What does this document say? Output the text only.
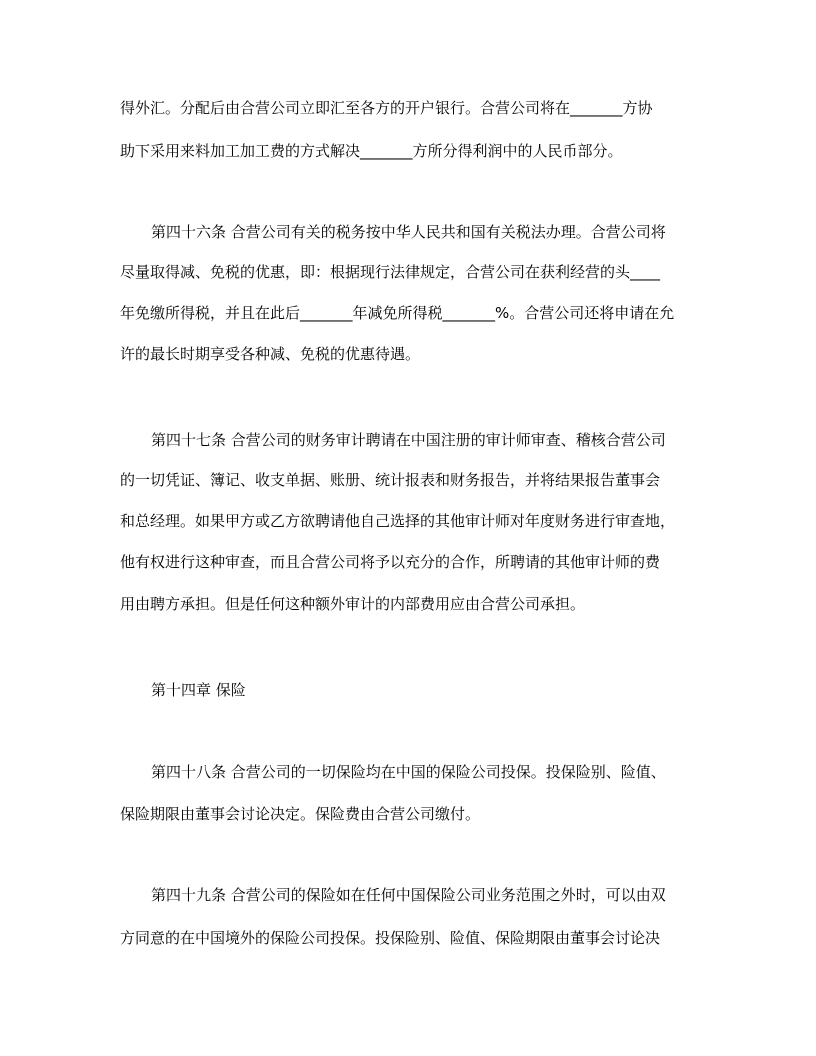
得外汇。分配后由合营公司立即汇至各方的开户银行。合营公司将在_______方协
助下采用来料加工加工费的方式解决_______方所分得利润中的人民币部分。
第四十六条 合营公司有关的税务按中华人民共和国有关税法办理。合营公司将
尽量取得减、免税的优惠，即：根据现行法律规定，合营公司在获利经营的头____
年免缴所得税，并且在此后_______年减免所得税_______%。合营公司还将申请在允
许的最长时期享受各种减、免税的优惠待遇。
第四十七条 合营公司的财务审计聘请在中国注册的审计师审查、稽核合营公司
的一切凭证、簿记、收支单据、账册、统计报表和财务报告，并将结果报告董事会
和总经理。如果甲方或乙方欲聘请他自己选择的其他审计师对年度财务进行审查地，
他有权进行这种审查，而且合营公司将予以充分的合作，所聘请的其他审计师的费
用由聘方承担。但是任何这种额外审计的内部费用应由合营公司承担。
第十四章 保险
第四十八条 合营公司的一切保险均在中国的保险公司投保。投保险别、险值、
保险期限由董事会讨论决定。保险费由合营公司缴付。
第四十九条 合营公司的保险如在任何中国保险公司业务范围之外时，可以由双
方同意的在中国境外的保险公司投保。投保险别、险值、保险期限由董事会讨论决
